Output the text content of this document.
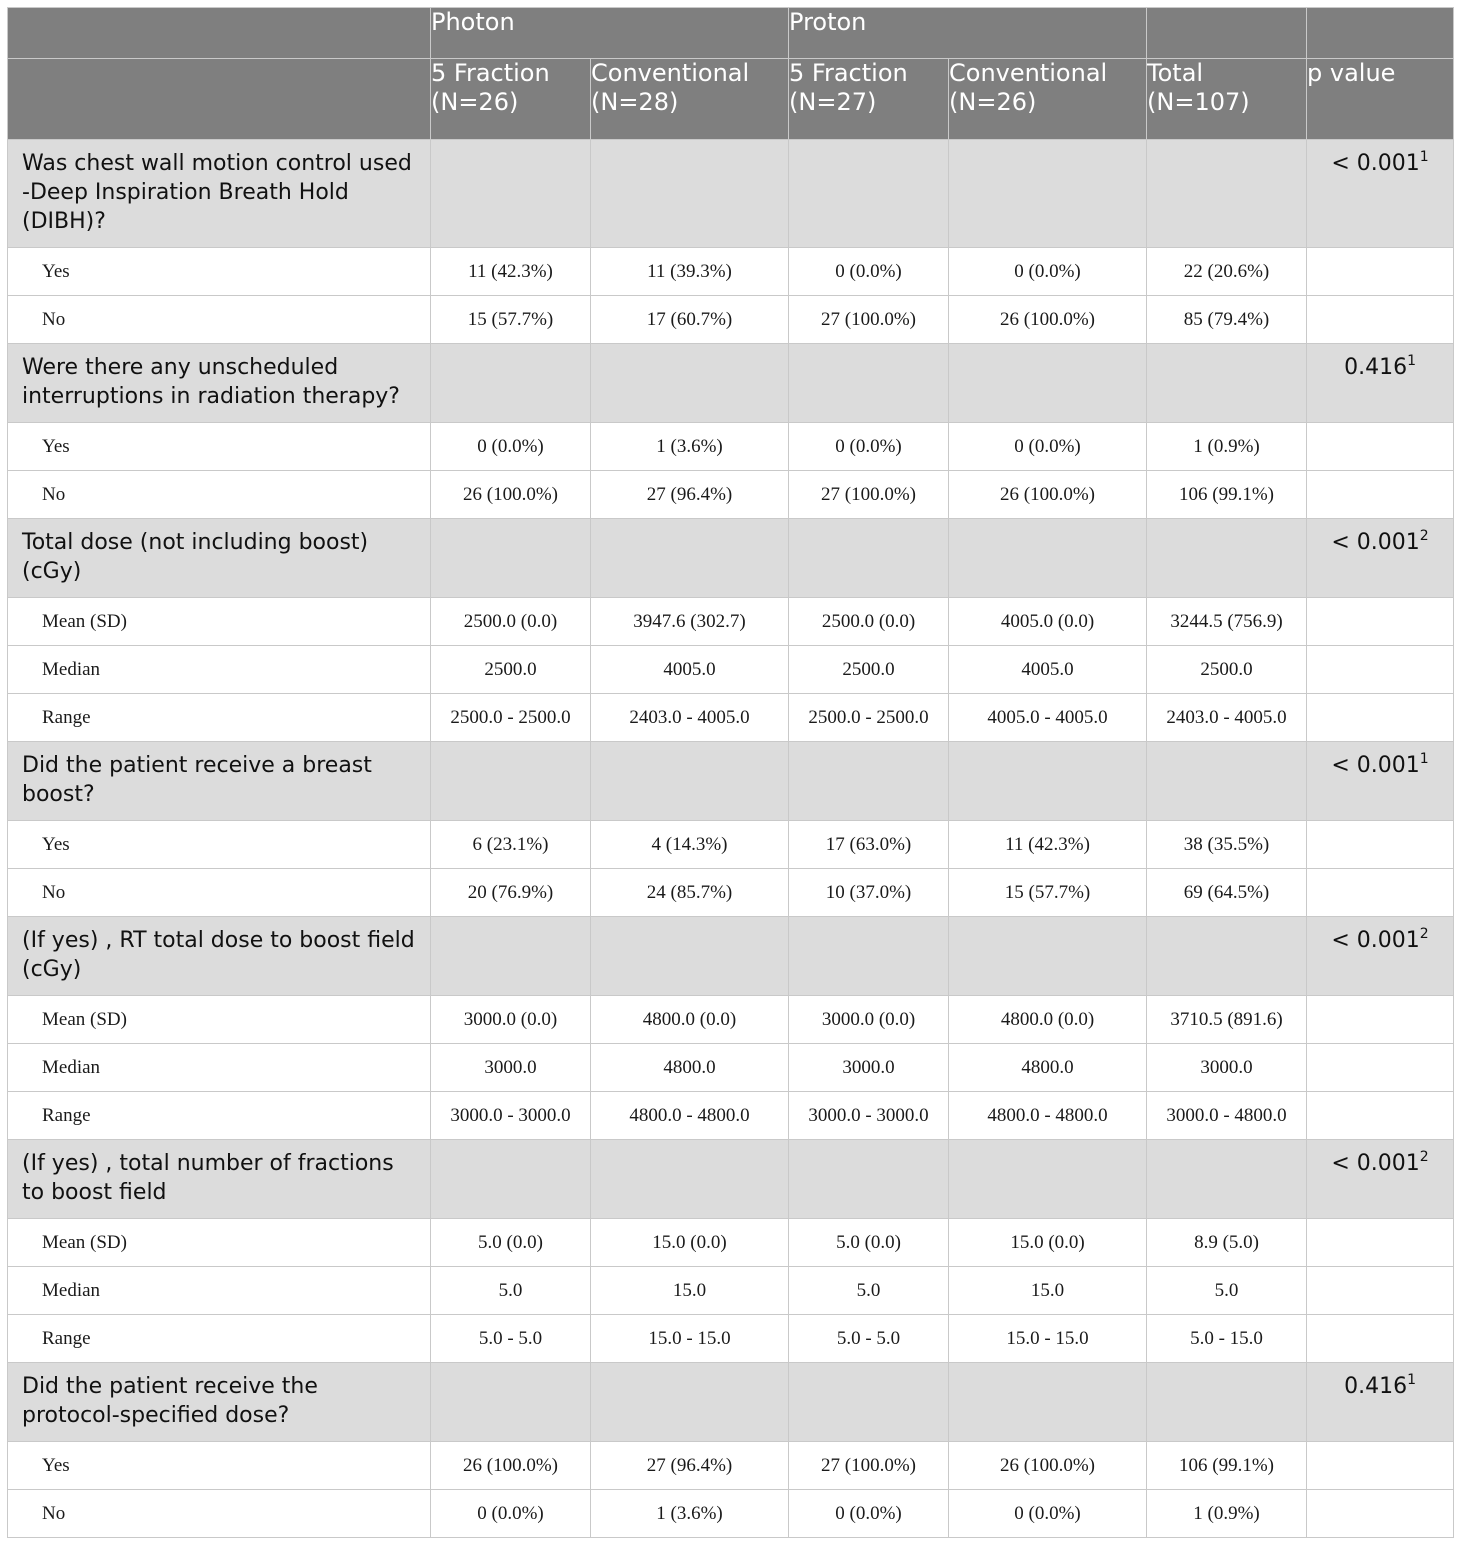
	Photon		Proton			
	5 Fraction (N=26)	Conventional (N=28)	5 Fraction (N=27)	Conventional (N=26)	Total (N=107)	p value
Was chest wall motion control used -Deep Inspiration Breath Hold (DIBH)?						< $0.001^1$
Yes	11 (42.3%)	11 (39.3%)	0 (0.0%)	0 (0.0%)	22 (20.6%)	
No	15 (57.7%)	17 (60.7%)	27 (100.0%)	26 (100.0%)	85 (79.4%)	
Were there any unscheduled interruptions in radiation therapy?						0.416$^1$
Yes	0 (0.0%)	1 (3.6%)	0 (0.0%)	0 (0.0%)	1 (0.9%)	
No	26 (100.0%)	27 (96.4%)	27 (100.0%)	26 (100.0%)	106 (99.1%)	
Total dose (not including boost) (cGy)						< $0.001^2$
Mean (SD)	2500.0 (0.0)	3947.6 (302.7)	2500.0 (0.0)	4005.0 (0.0)	3244.5 (756.9)	
Median	2500.0	4005.0	2500.0	4005.0	2500.0	
Range	2500.0 - 2500.0	2403.0 - 4005.0	2500.0 - 2500.0	4005.0 - 4005.0	2403.0 - 4005.0	
Did the patient receive a breast boost?						< $0.001^1$
Yes	6 (23.1%)	4 (14.3%)	17 (63.0%)	11 (42.3%)	38 (35.5%)	
No	20 (76.9%)	24 (85.7%)	10 (37.0%)	15 (57.7%)	69 (64.5%)	
(If yes) , RT total dose to boost field (cGy)						< $0.001^2$
Mean (SD)	3000.0 (0.0)	4800.0 (0.0)	3000.0 (0.0)	4800.0 (0.0)	3710.5 (891.6)	
Median	3000.0	4800.0	3000.0	4800.0	3000.0	
Range	3000.0 - 3000.0	4800.0 - 4800.0	3000.0 - 3000.0	4800.0 - 4800.0	3000.0 - 4800.0	
(If yes) , total number of fractions to boost field						< $0.001^2$
Mean (SD)	5.0 (0.0)	15.0 (0.0)	5.0 (0.0)	15.0 (0.0)	8.9 (5.0)	
Median	5.0	15.0	5.0	15.0	5.0	
Range	5.0 - 5.0	15.0 - 15.0	5.0 - 5.0	15.0 - 15.0	5.0 - 15.0	
Did the patient receive the protocol-specified dose?						0.416$^1$
Yes	26 (100.0%)	27 (96.4%)	27 (100.0%)	26 (100.0%)	106 (99.1%)	
No	0 (0.0%)	1 (3.6%)	0 (0.0%)	0 (0.0%)	1 (0.9%)	
